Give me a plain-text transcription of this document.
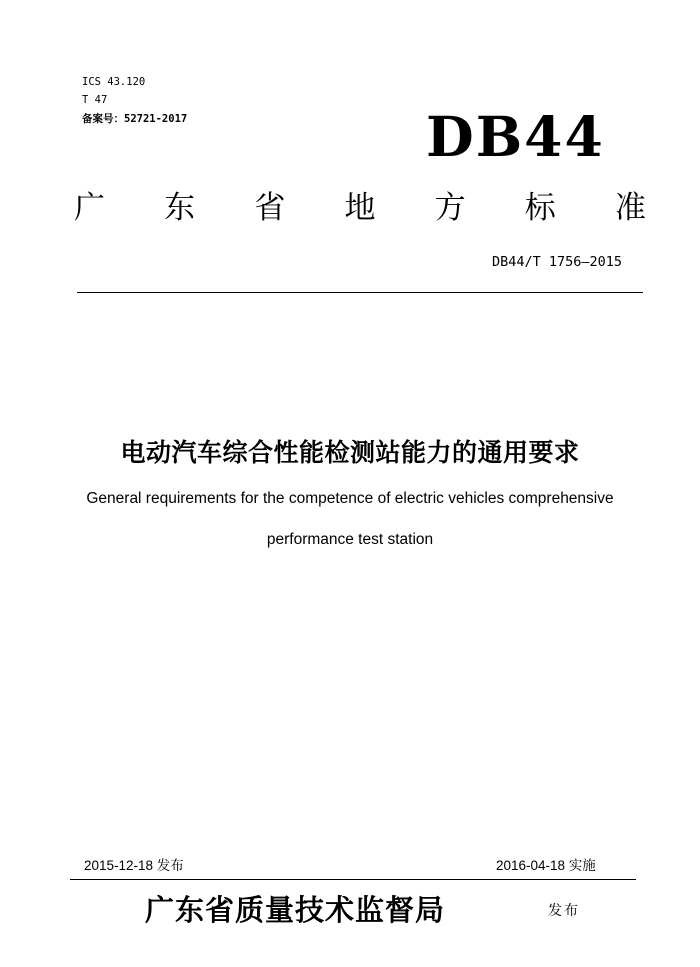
ICS 43.120
T 47
备案号：52721-2017	DB44
广 东 省 地 方 标 准
DB44/T 1756—2015
电动汽车综合性能检测站能力的通用要求
General requirements for the competence of electric vehicles comprehensive
performance test station
2015-12-18 发布	2016-04-18 实施
广东省质量技术监督局	发布
